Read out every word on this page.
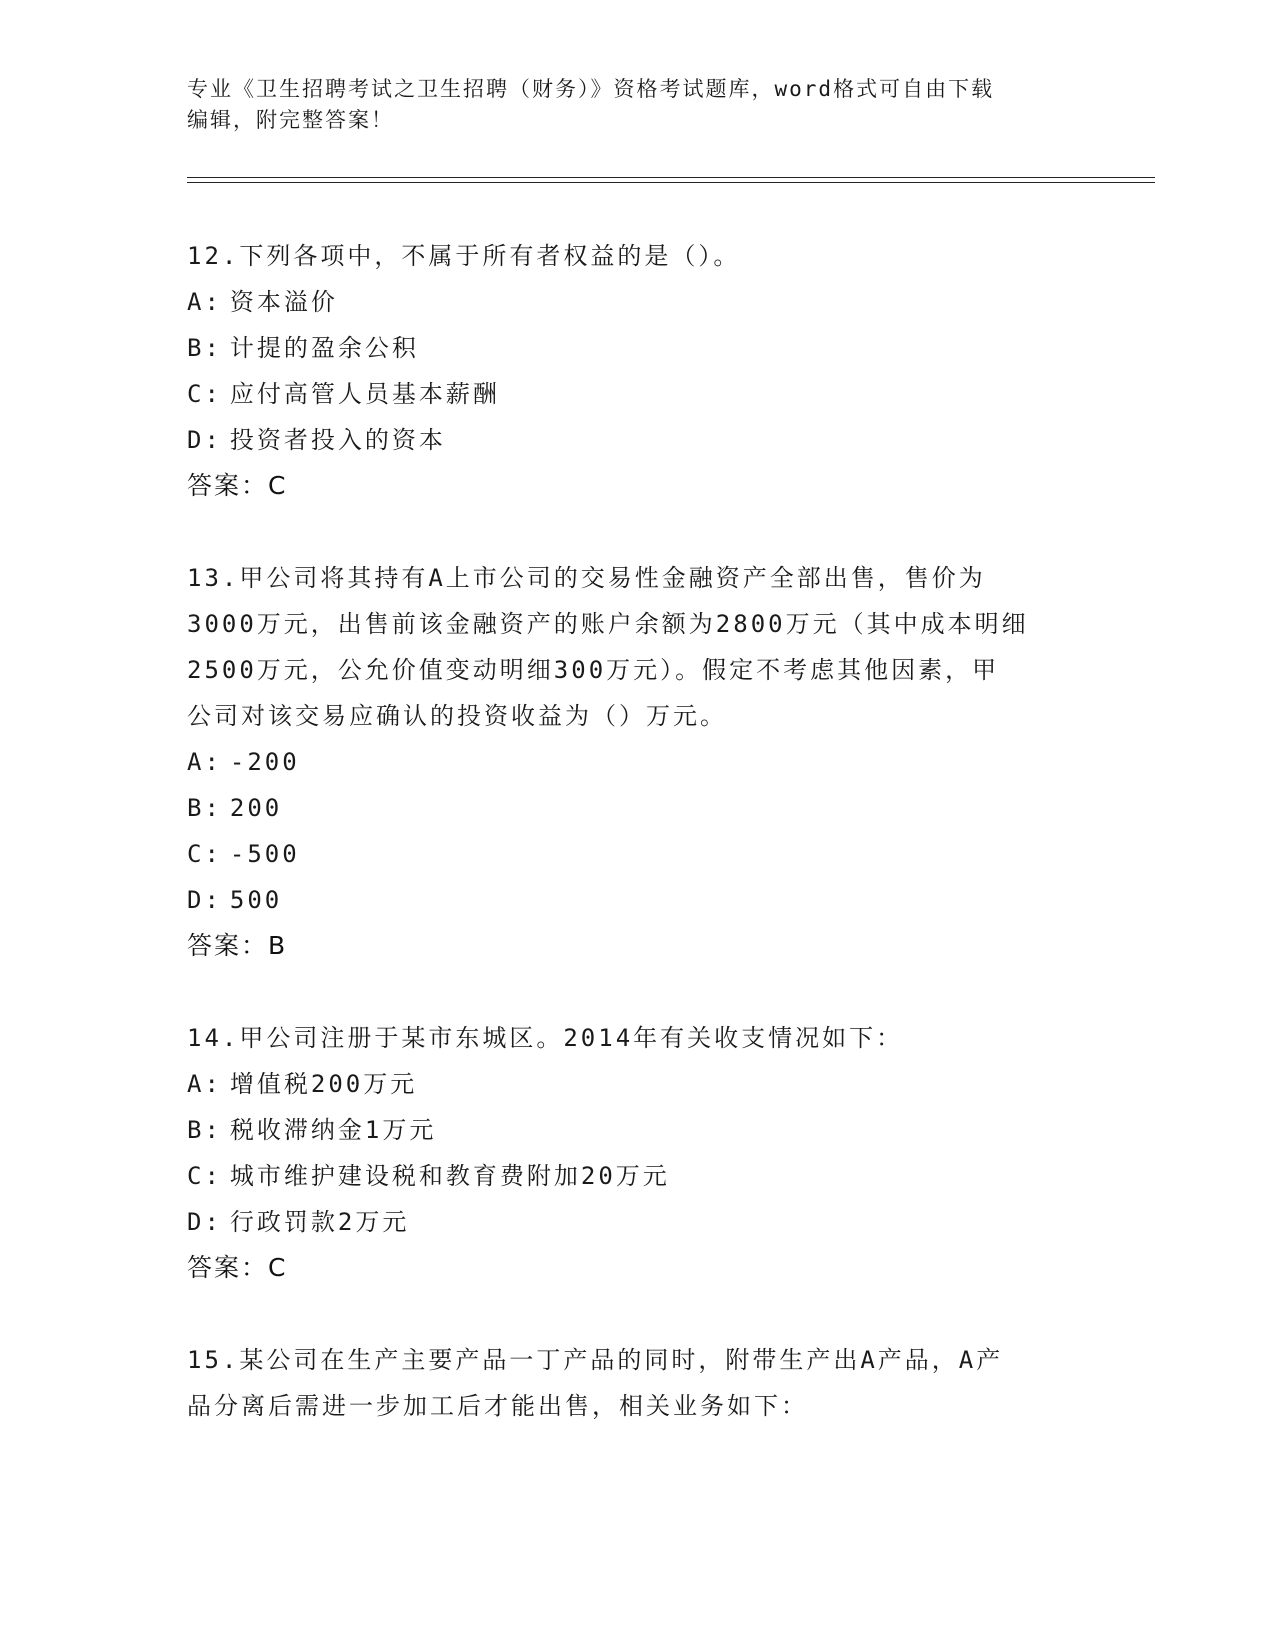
专业《卫生招聘考试之卫生招聘（财务）》资格考试题库，word格式可自由下载
编辑，附完整答案！
12.下列各项中，不属于所有者权益的是（）。
A: 资本溢价
B: 计提的盈余公积
C: 应付高管人员基本薪酬
D: 投资者投入的资本
答案：C
13.甲公司将其持有A上市公司的交易性金融资产全部出售，售价为
3000万元，出售前该金融资产的账户余额为2800万元（其中成本明细
2500万元，公允价值变动明细300万元）。假定不考虑其他因素，甲
公司对该交易应确认的投资收益为（）万元。
A: -200
B: 200
C: -500
D: 500
答案：B
14.甲公司注册于某市东城区。2014年有关收支情况如下：
A: 增值税200万元
B: 税收滞纳金1万元
C: 城市维护建设税和教育费附加20万元
D: 行政罚款2万元
答案：C
15.某公司在生产主要产品一丁产品的同时，附带生产出A产品，A产
品分离后需进一步加工后才能出售，相关业务如下：
